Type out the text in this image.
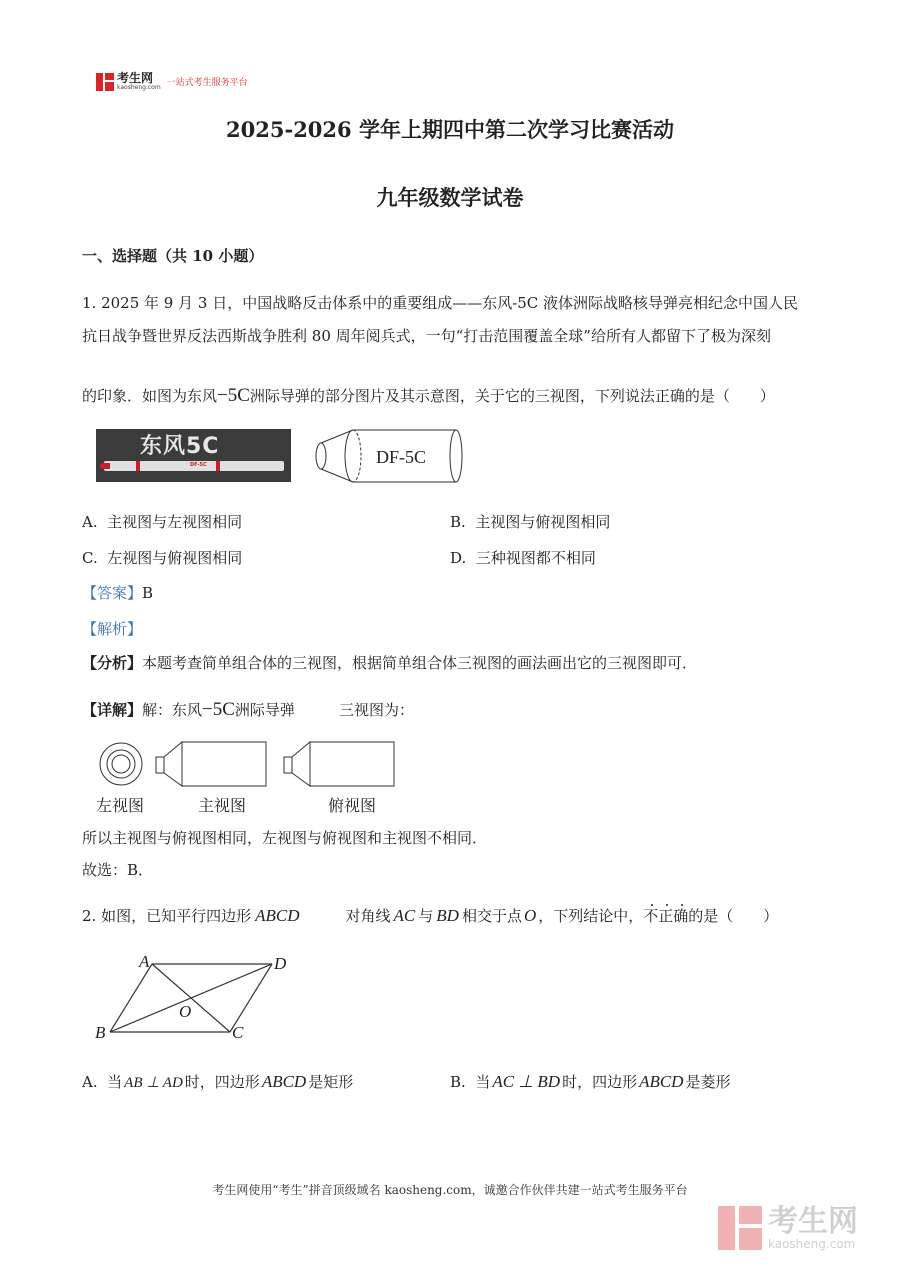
考生网
kaosheng.com 一站式考生服务平台
2025-2026 学年上期四中第二次学习比赛活动
九年级数学试卷
一、选择题（共 10 小题）
1. 2025 年 9 月 3 日，中国战略反击体系中的重要组成——东风-5C 液体洲际战略核导弹亮相纪念中国人民
抗日战争暨世界反法西斯战争胜利 80 周年阅兵式，一句“打击范围覆盖全球”给所有人都留下了极为深刻
的印象．如图为东风−5C洲际导弹的部分图片及其示意图，关于它的三视图，下列说法正确的是（　　）
东风5C
DF-5C	DF-5C
A. 主视图与左视图相同	B. 主视图与俯视图相同
C. 左视图与俯视图相同	D. 三种视图都不相同
【答案】B
【解析】
【分析】本题考查简单组合体的三视图，根据简单组合体三视图的画法画出它的三视图即可．
【详解】解：东风−5C洲际导弹	三视图为：
左视图	主视图	俯视图
所以主视图与俯视图相同，左视图与俯视图和主视图不相同．
故选：B．
2. 如图，已知平行四边形 ABCD	对角线 AC 与 BD 相交于点 O ，下列结论中，不正确的是（　　）
A	D
B	C
O
A. 当 AB ⊥ AD 时，四边形 ABCD 是矩形	B. 当 AC ⊥ BD 时，四边形 ABCD 是菱形
考生网使用“考生”拼音顶级域名 kaosheng.com，诚邀合作伙伴共建一站式考生服务平台
考生网
kaosheng.com
